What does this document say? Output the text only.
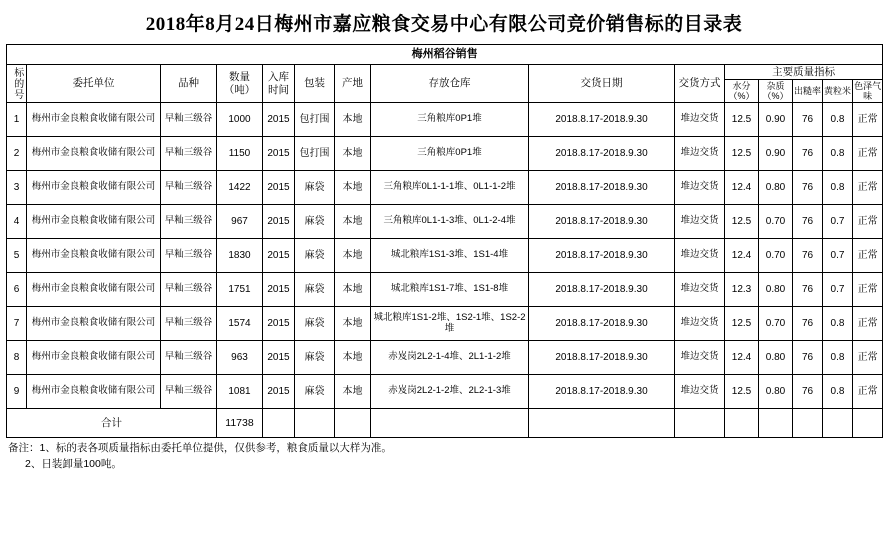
2018年8月24日梅州市嘉应粮食交易中心有限公司竞价销售标的目录表
梅州稻谷销售														

标的号	委托单位	品种	数量（吨）	入库时间	包装	产地	存放仓库	交货日期	交货方式	主要质量指标				
										水分（%）	杂质（%）	出糙率	黄粒米	色泽气味
1	梅州市金良粮食收储有限公司	早籼三级谷	1000	2015	包打围	本地	三角粮库0P1堆	2018.8.17-2018.9.30	堆边交货	12.5	0.90	76	0.8	正常
2	梅州市金良粮食收储有限公司	早籼三级谷	1150	2015	包打围	本地	三角粮库0P1堆	2018.8.17-2018.9.30	堆边交货	12.5	0.90	76	0.8	正常
3	梅州市金良粮食收储有限公司	早籼三级谷	1422	2015	麻袋	本地	三角粮库0L1-1-1堆、0L1-1-2堆	2018.8.17-2018.9.30	堆边交货	12.4	0.80	76	0.8	正常
4	梅州市金良粮食收储有限公司	早籼三级谷	967	2015	麻袋	本地	三角粮库0L1-1-3堆、0L1-2-4堆	2018.8.17-2018.9.30	堆边交货	12.5	0.70	76	0.7	正常
5	梅州市金良粮食收储有限公司	早籼三级谷	1830	2015	麻袋	本地	城北粮库1S1-3堆、1S1-4堆	2018.8.17-2018.9.30	堆边交货	12.4	0.70	76	0.7	正常
6	梅州市金良粮食收储有限公司	早籼三级谷	1751	2015	麻袋	本地	城北粮库1S1-7堆、1S1-8堆	2018.8.17-2018.9.30	堆边交货	12.3	0.80	76	0.7	正常
7	梅州市金良粮食收储有限公司	早籼三级谷	1574	2015	麻袋	本地	城北粮库1S1-2堆、1S2-1堆、1S2-2堆	2018.8.17-2018.9.30	堆边交货	12.5	0.70	76	0.8	正常
8	梅州市金良粮食收储有限公司	早籼三级谷	963	2015	麻袋	本地	赤岌岗2L2-1-4堆、2L1-1-2堆	2018.8.17-2018.9.30	堆边交货	12.4	0.80	76	0.8	正常
9	梅州市金良粮食收储有限公司	早籼三级谷	1081	2015	麻袋	本地	赤岌岗2L2-1-2堆、2L2-1-3堆	2018.8.17-2018.9.30	堆边交货	12.5	0.80	76	0.8	正常
合计			11738											
备注：1、标的表各项质量指标由委托单位提供，仅供参考，粮食质量以大样为准。
2、日装卸量100吨。
